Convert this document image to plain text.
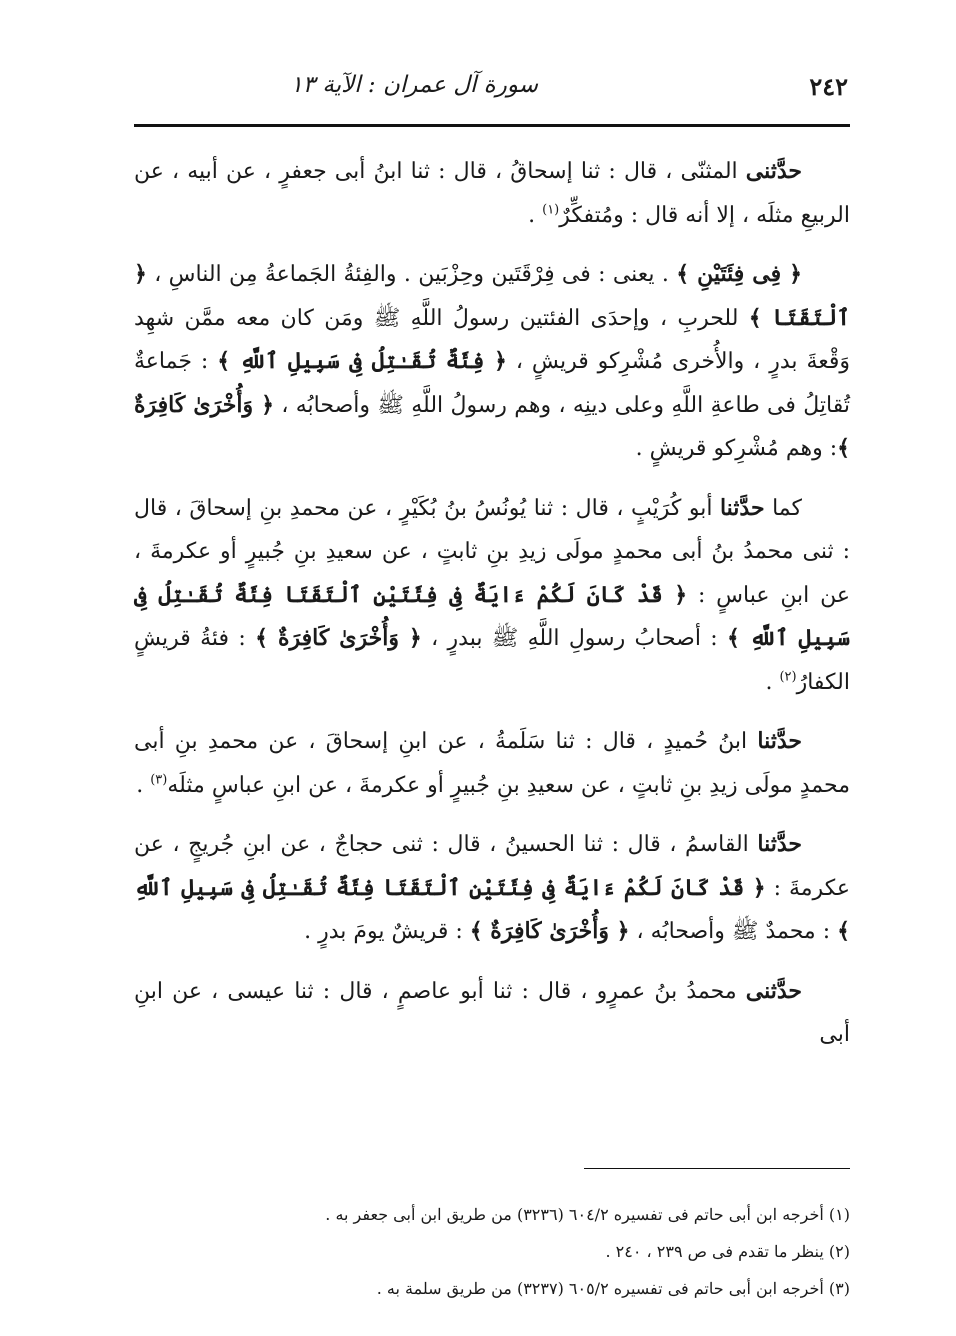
٢٤٢
سورة آل عمران : الآية ١٣

حدَّثنى المثنّى ، قال : ثنا إسحاقُ ، قال : ثنا ابنُ أبى جعفرٍ ، عن أبيه ، عن الربيعِ مثلَه ، إلا أنه قال : ومُتفكِّرٌ$^{(١)}$ .

﴿ فِى فِئَتَيْنِ ﴾ . يعنى : فى فِرْقَتَين وحِزْبَين . والفِئةُ الجَماعةُ مِن الناسِ ، ﴿ ٱلْتَقَتَا ﴾ للحربِ ، وإحدَى الفئتين رسولُ اللَّهِ ﷺ ومَن كان معه ممَّن شهِد وَقْعةَ بدرٍ ، والأُخرى مُشْرِكو قريشٍ ، ﴿ فِئَةٌ تُقَـٰتِلُ فِى سَبِيلِ ٱللَّهِ ﴾ : جَماعةٌ تُقاتِلُ فى طاعةِ اللَّهِ وعلى دينِه ، وهم رسولُ اللَّهِ ﷺ وأصحابُه ، ﴿ وَأُخْرَىٰ كَافِرَةٌ ﴾: وهم مُشْرِكو قريشٍ .

كما حدَّثنا أبو كُرَيْبٍ ، قال : ثنا يُونُسُ بنُ بُكَيْرٍ ، عن محمدِ بنِ إسحاقَ ، قال : ثنى محمدُ بنُ أبى محمدٍ مولَى زيدِ بنِ ثابتٍ ، عن سعيدِ بنِ جُبيرٍ أو عكرمةَ ، عن ابنِ عباسٍ : ﴿ قَدْ كَانَ لَكُمْ ءَايَةٌ فِى فِئَتَيْنِ ٱلْتَقَتَا فِئَةٌ تُقَـٰتِلُ فِى سَبِيلِ ٱللَّهِ ﴾ : أصحابُ رسولِ اللَّهِ ﷺ ببدرٍ ، ﴿ وَأُخْرَىٰ كَافِرَةٌ ﴾ : فئةُ قريشٍ الكفارُ$^{(٢)}$ .

حدَّثنا ابنُ حُميدٍ ، قال : ثنا سَلَمةُ ، عن ابنِ إسحاقَ ، عن محمدِ بنِ أبى محمدٍ مولَى زيدِ بنِ ثابتٍ ، عن سعيدِ بنِ جُبيرٍ أو عكرمةَ ، عن ابنِ عباسٍ مثلَه$^{(٣)}$ .

حدَّثنا القاسمُ ، قال : ثنا الحسينُ ، قال : ثنى حجاجٌ ، عن ابنِ جُريجٍ ، عن عكرمةَ : ﴿ قَدْ كَانَ لَكُمْ ءَايَةٌ فِى فِئَتَيْنِ ٱلْتَقَتَا فِئَةٌ تُقَـٰتِلُ فِى سَبِيلِ ٱللَّهِ ﴾ : محمدٌ ﷺ وأصحابُه ، ﴿ وَأُخْرَىٰ كَافِرَةٌ ﴾ : قريشٌ يومَ بدرٍ .

حدَّثنى محمدُ بنُ عمرٍو ، قال : ثنا أبو عاصمٍ ، قال : ثنا عيسى ، عن ابنِ أبى

(١) أخرجه ابن أبى حاتم فى تفسيره ٦٠٤/٢ (٣٢٣٦) من طريق ابن أبى جعفر به .

(٢) ينظر ما تقدم فى ص ٢٣٩ ، ٢٤٠ .

(٣) أخرجه ابن أبى حاتم فى تفسيره ٦٠٥/٢ (٣٢٣٧) من طريق سلمة به .
